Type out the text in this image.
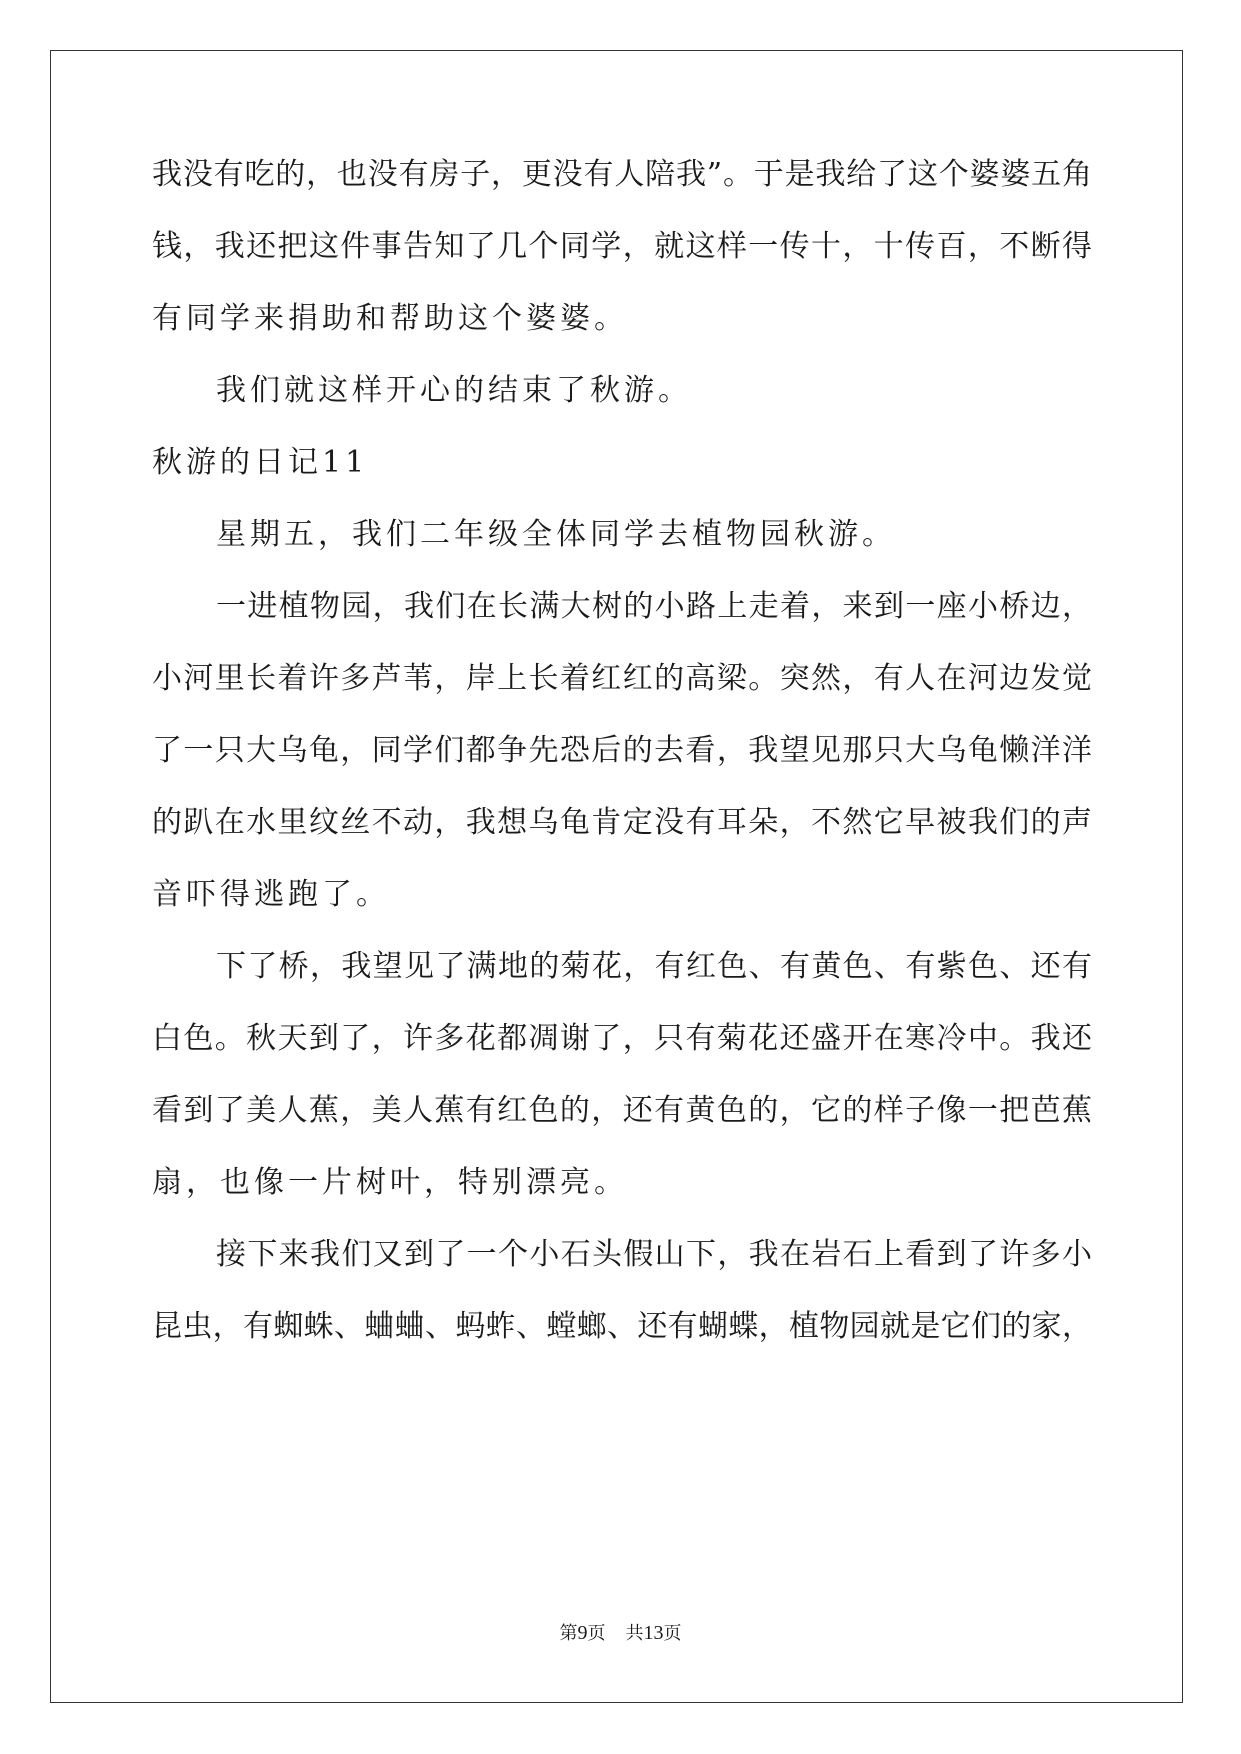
我没有吃的，也没有房子，更没有人陪我”。于是我给了这个婆婆五角

钱，我还把这件事告知了几个同学，就这样一传十，十传百，不断得

有同学来捐助和帮助这个婆婆。

我们就这样开心的结束了秋游。

秋游的日记11

星期五，我们二年级全体同学去植物园秋游。

一进植物园，我们在长满大树的小路上走着，来到一座小桥边，

小河里长着许多芦苇，岸上长着红红的高梁。突然，有人在河边发觉

了一只大乌龟，同学们都争先恐后的去看，我望见那只大乌龟懒洋洋

的趴在水里纹丝不动，我想乌龟肯定没有耳朵，不然它早被我们的声

音吓得逃跑了。

下了桥，我望见了满地的菊花，有红色、有黄色、有紫色、还有

白色。秋天到了，许多花都凋谢了，只有菊花还盛开在寒冷中。我还

看到了美人蕉，美人蕉有红色的，还有黄色的，它的样子像一把芭蕉

扇，也像一片树叶，特别漂亮。

接下来我们又到了一个小石头假山下，我在岩石上看到了许多小

昆虫，有蜘蛛、蛐蛐、蚂蚱、螳螂、还有蝴蝶，植物园就是它们的家，

第9页 共13页
